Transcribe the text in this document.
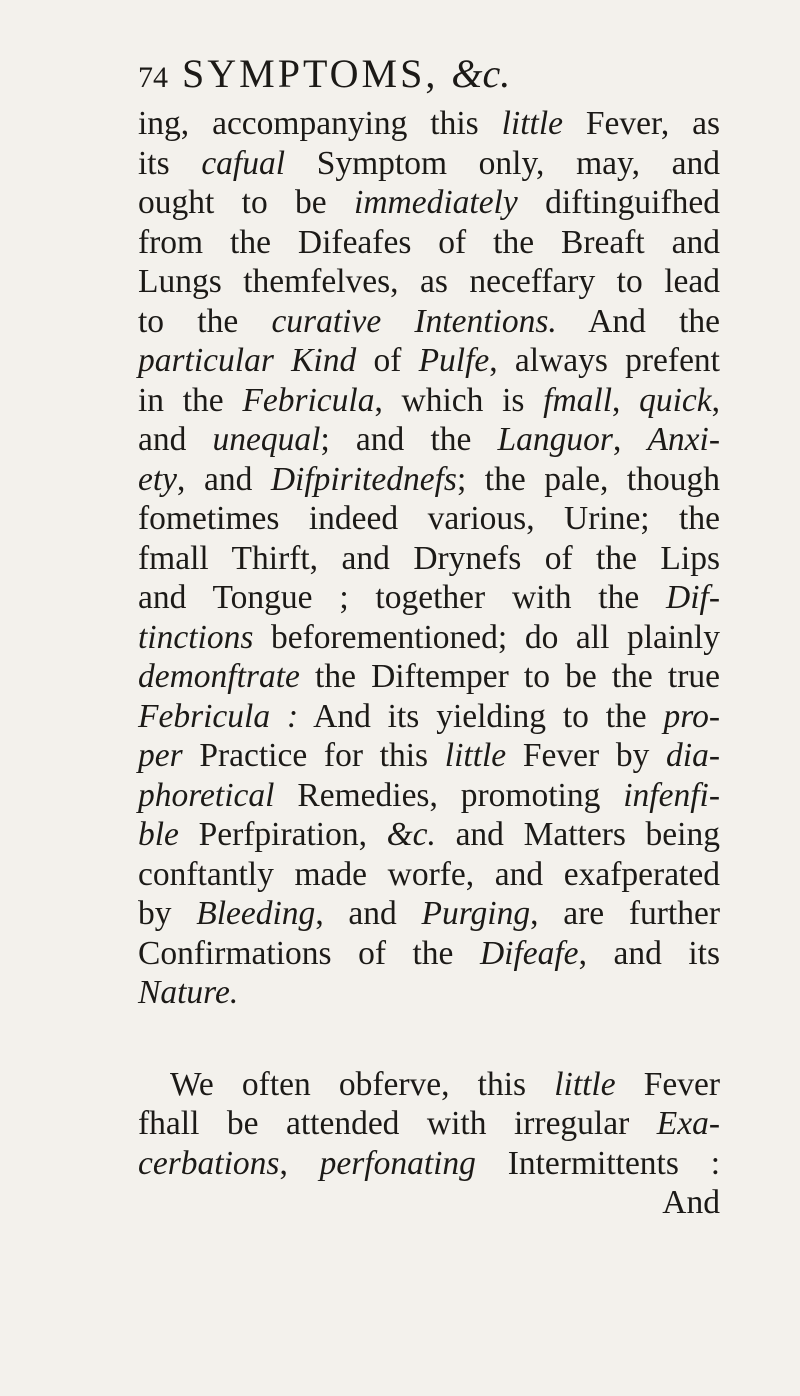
74 SYMPTOMS, &c.
ing, accompanying this little Fever, as
its cafual Symptom only, may, and
ought to be immediately diftinguifhed
from the Difeafes of the Breaft and
Lungs themfelves, as neceffary to lead
to the curative Intentions. And the
particular Kind of Pulfe, always prefent
in the Febricula, which is fmall, quick,
and unequal; and the Languor, Anxi-
ety, and Difpiritednefs; the pale, though
fometimes indeed various, Urine; the
fmall Thirft, and Drynefs of the Lips
and Tongue ; together with the Dif-
tinctions beforementioned; do all plainly
demonftrate the Diftemper to be the true
Febricula : And its yielding to the pro-
per Practice for this little Fever by dia-
phoretical Remedies, promoting infenfi-
ble Perfpiration, &c. and Matters being
conftantly made worfe, and exafperated
by Bleeding, and Purging, are further
Confirmations of the Difeafe, and its
Nature.
We often obferve, this little Fever
fhall be attended with irregular Exa-
cerbations, perfonating Intermittents :
And
